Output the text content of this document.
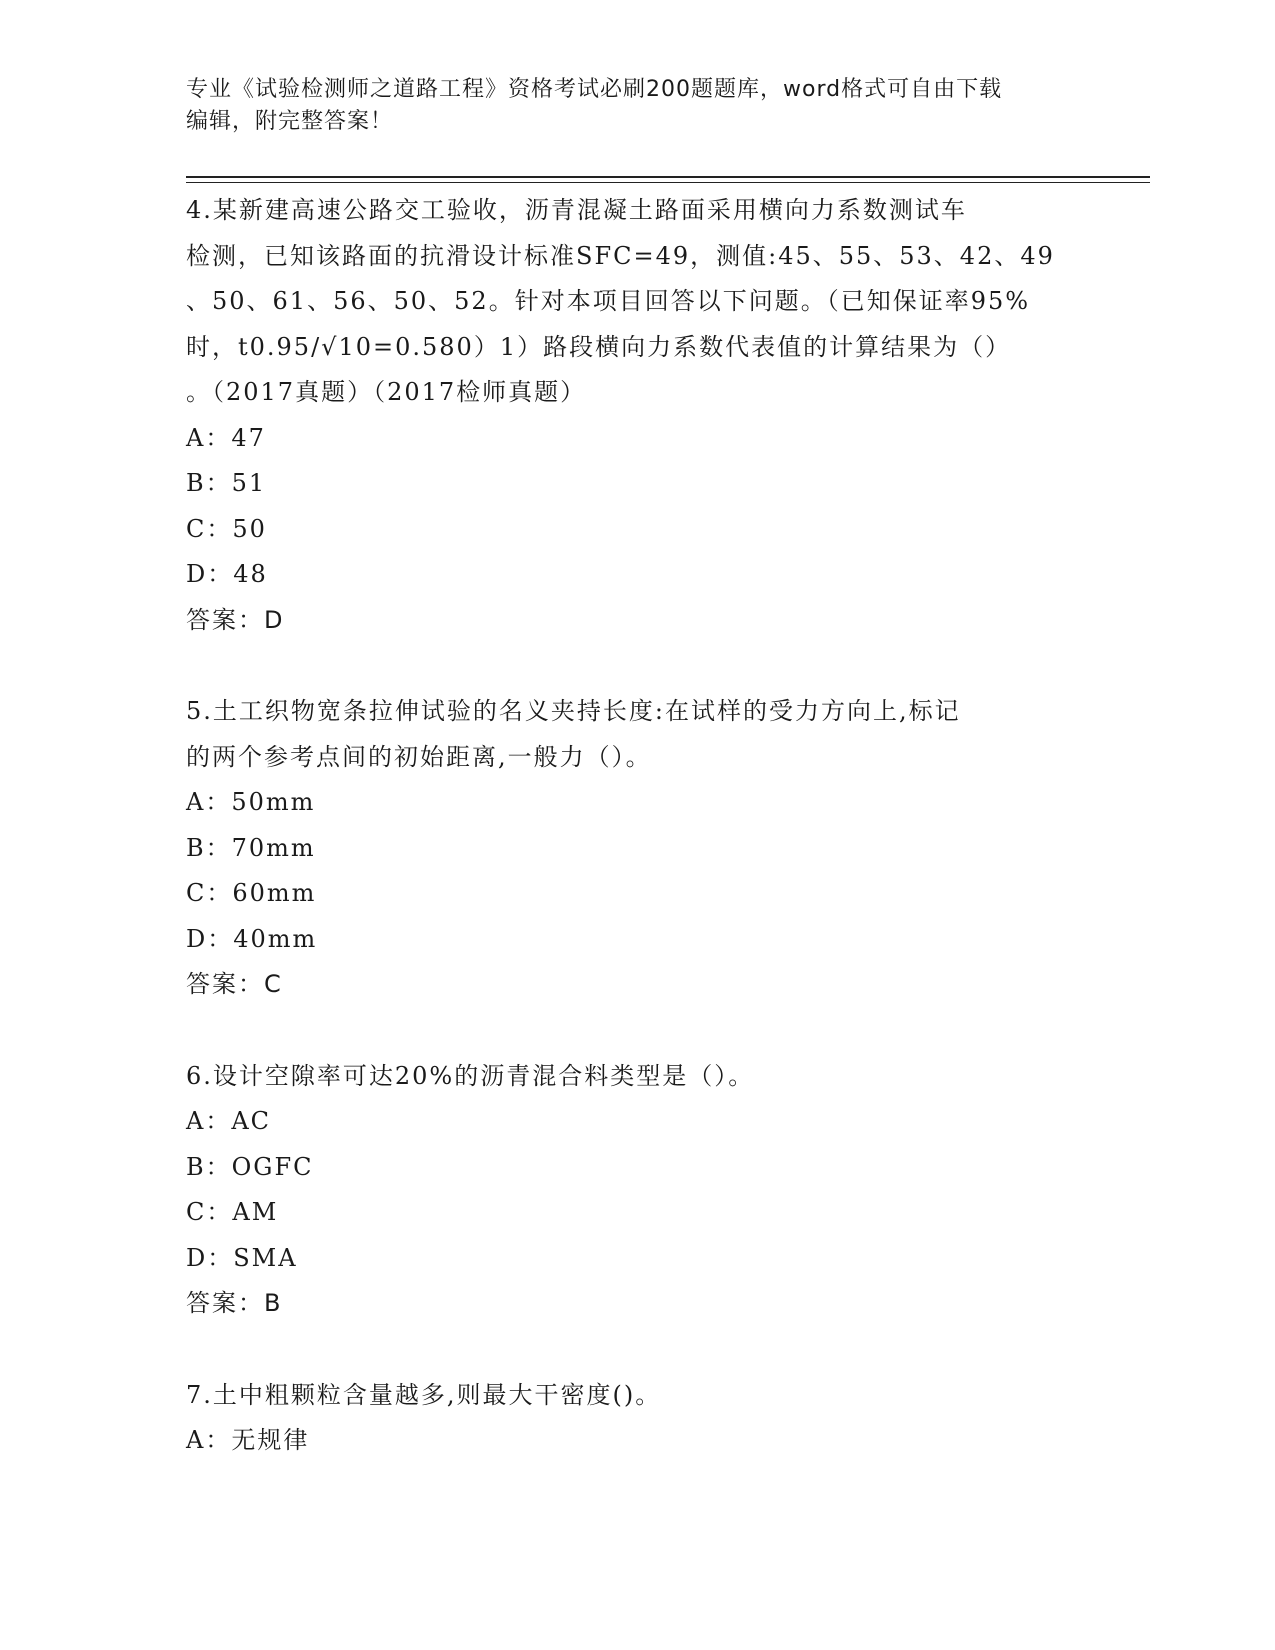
专业《试验检测师之道路工程》资格考试必刷200题题库，word格式可自由下载
编辑，附完整答案！
4.某新建高速公路交工验收，沥青混凝土路面采用横向力系数测试车
检测，已知该路面的抗滑设计标准SFC=49，测值:45、55、53、42、49
、50、61、56、50、52。针对本项目回答以下问题。（已知保证率95%
时，t0.95/√10=0.580）1）路段横向力系数代表值的计算结果为（）
。（2017真题）（2017检师真题）
A：47
B：51
C：50
D：48
答案：D
5.土工织物宽条拉伸试验的名义夹持长度:在试样的受力方向上,标记
的两个参考点间的初始距离,一般力（）。
A：50mm
B：70mm
C：60mm
D：40mm
答案：C
6.设计空隙率可达20%的沥青混合料类型是（）。
A：AC
B：OGFC
C：AM
D：SMA
答案：B
7.土中粗颗粒含量越多,则最大干密度()。
A：无规律
